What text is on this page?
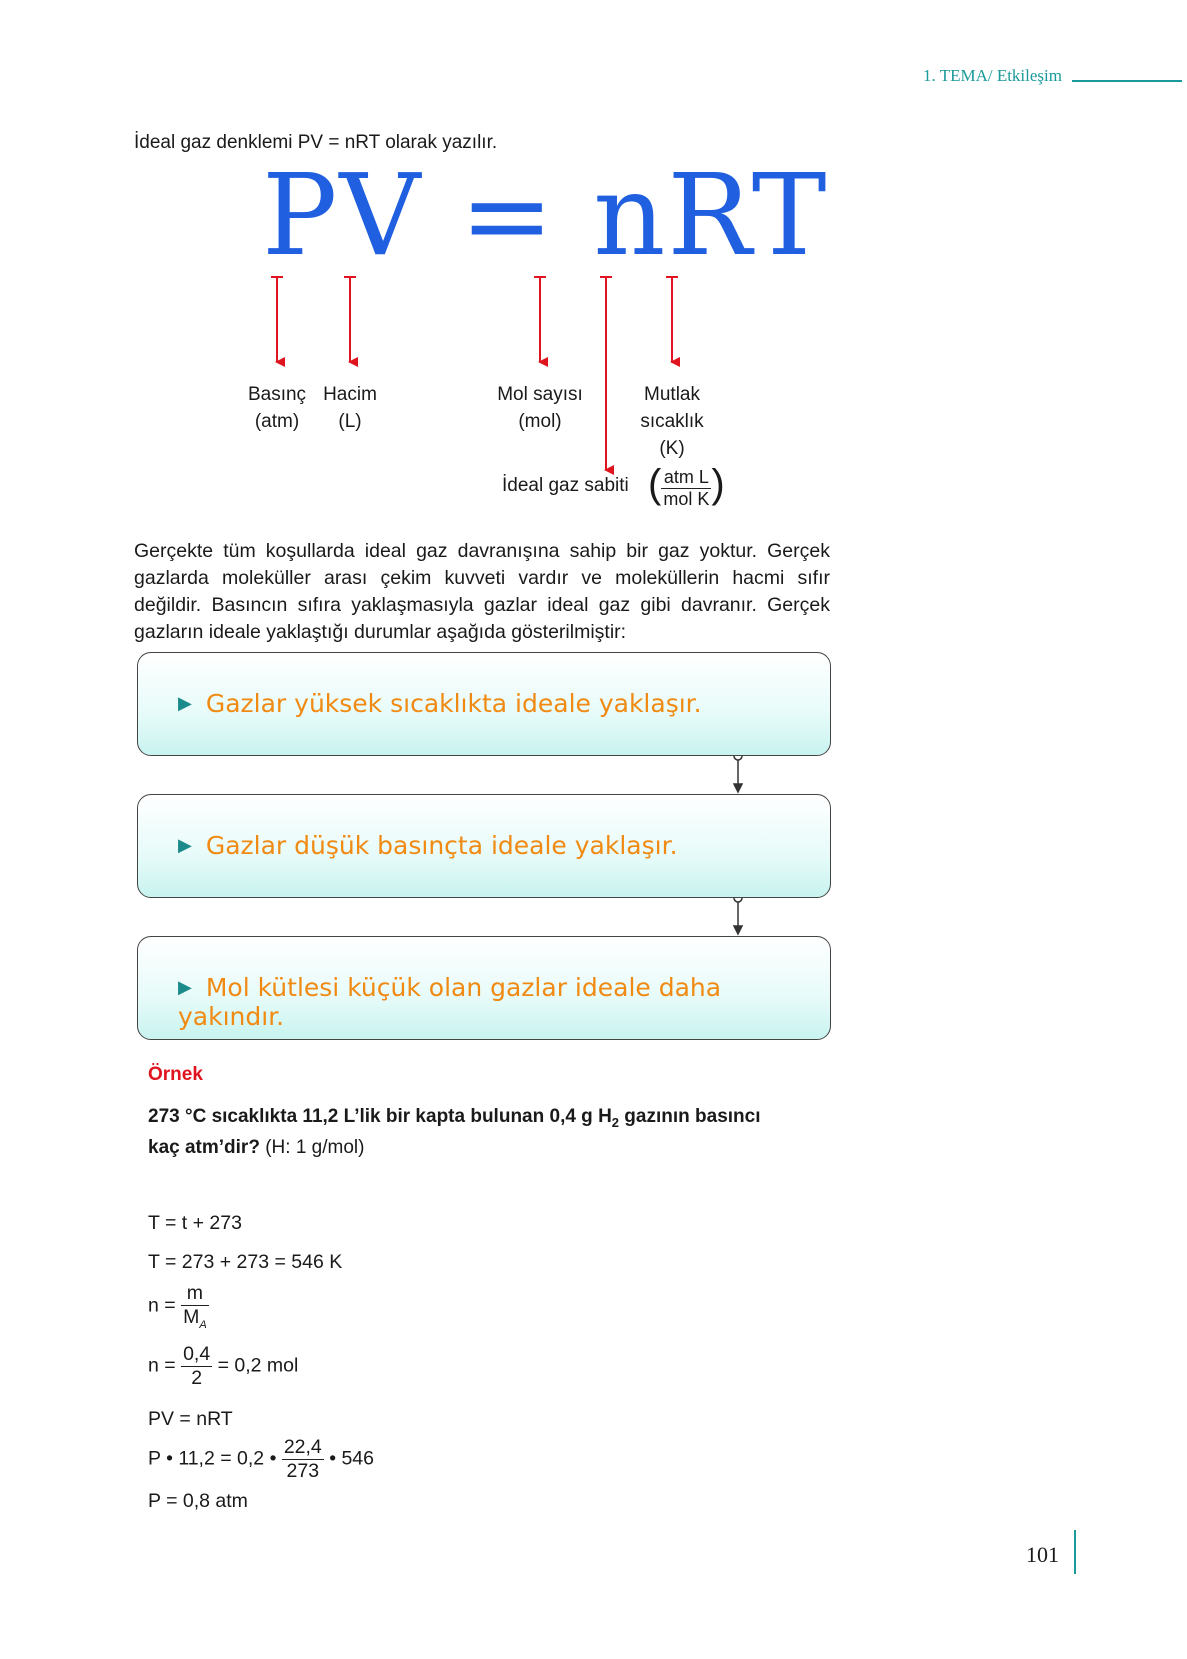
1. TEMA/ Etkileşim
İdeal gaz denklemi PV = nRT olarak yazılır.
PV = nRT
Basınç
(atm)
Hacim
(L)
Mol sayısı
(mol)
Mutlak
sıcaklık
(K)
İdeal gaz sabiti ( $\frac{\text{atm L}}{\text{mol K}}$ )
Gerçekte tüm koşullarda ideal gaz davranışına sahip bir gaz yoktur. Gerçek gazlarda moleküller arası çekim kuvveti vardır ve moleküllerin hacmi sıfır değildir. Basıncın sıfıra yaklaşmasıyla gazlar ideal gaz gibi davranır. Gerçek gazların ideale yaklaştığı durumlar aşağıda gösterilmiştir:
▶ Gazlar yüksek sıcaklıkta ideale yaklaşır.
▶ Gazlar düşük basınçta ideale yaklaşır.
▶ Mol kütlesi küçük olan gazlar ideale daha yakındır.
Örnek
273 °C sıcaklıkta 11,2 L’lik bir kapta bulunan 0,4 g $H_2$ gazının basıncı
kaç atm’dir? (H: 1 g/mol)
T = t + 273
T = 273 + 273 = 546 K
$n = \frac{m}{M_A}$
$n = \frac{0,4}{2} = 0,2$ mol
PV = nRT
P • 11,2 = 0,2 • $\frac{22,4}{273}$ • 546
P = 0,8 atm
101
